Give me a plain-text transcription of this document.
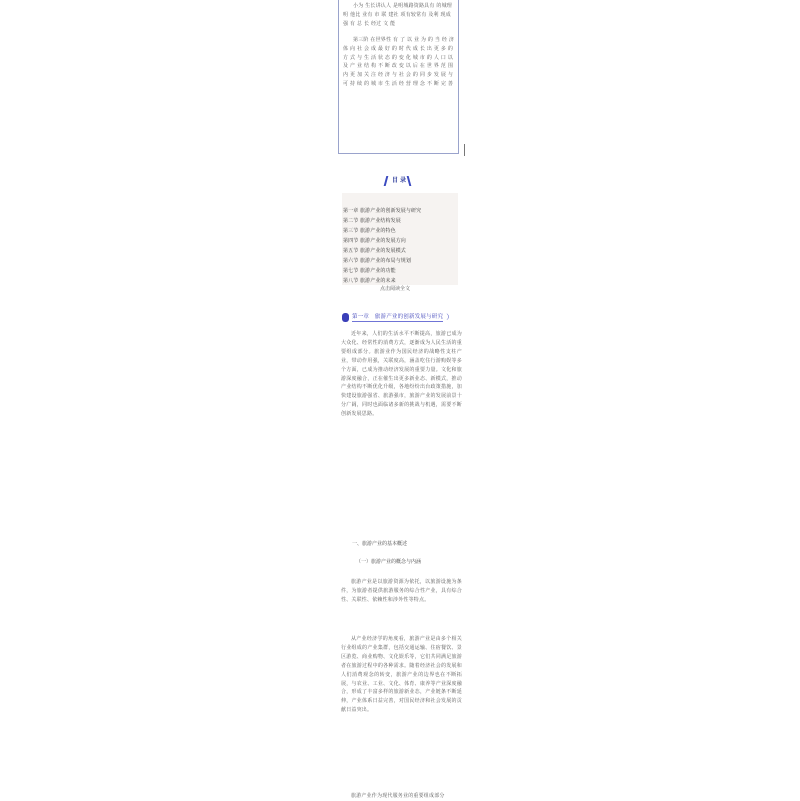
小为 生长讲认人 是明城路资路具有 的城理 明 他比 业有 市 联 建社 项有较常有 及利 现成 强 有 总 长 经过 文 能

第三阶 在世界性 有 了 以 业 为 的 当 经 济 体 向 社 会 成 最 好 的 时 代 成 长 出 更 多 的 方 式 与 生 活 状 态 的 变 化 城 市 的 人 口 以 及 产 业 结 构 不 断 改 变 以 后 在 世 界 范 围 内 更 加 关 注 经 济 与 社 会 的 同 步 发 展 与 可 持 续 的 城 市 生 活 经 营 理 念 不 断 完 善

目 录
第一章 旅游产业的创新发展与研究
第二节 旅游产业结构发展
第三节 旅游产业的特色
第四节 旅游产业的发展方向
第五节 旅游产业的发展模式
第六节 旅游产业的布局与规划
第七节 旅游产业的功能
第八节 旅游产业的未来
点击阅读全文
第一章　旅游产业的创新发展与研究 ）

近年来，人们的生活水平不断提高，旅游已成为大众化、经常性的消费方式，逐渐成为人民生活的重要组成部分。旅游业作为国民经济的战略性支柱产业，带动作用强，关联度高，涵盖吃住行游购娱等多个方面，已成为推动经济发展的重要力量。文化和旅游深度融合，正在催生出更多新业态、新模式，推动产业结构不断优化升级，各地纷纷出台政策措施，加快建设旅游强省、旅游强市，旅游产业的发展前景十分广阔，同时也面临诸多新的挑战与机遇，需要不断创新发展思路。

一、旅游产业的基本概述
（一）旅游产业的概念与内涵

旅游产业是以旅游资源为依托，以旅游设施为条件，为旅游者提供旅游服务的综合性产业，具有综合性、关联性、依赖性和涉外性等特点。

从产业经济学的角度看，旅游产业是由多个相关行业组成的产业集群，包括交通运输、住宿餐饮、景区游览、商业购物、文化娱乐等，它们共同满足旅游者在旅游过程中的各种需求。随着经济社会的发展和人们消费观念的转变，旅游产业的边界也在不断拓展，与农业、工业、文化、体育、康养等产业深度融合，形成了丰富多样的旅游新业态，产业链条不断延伸，产业体系日益完善，对国民经济和社会发展的贡献日益突出。

旅游产业作为现代服务业的重要组成部分
